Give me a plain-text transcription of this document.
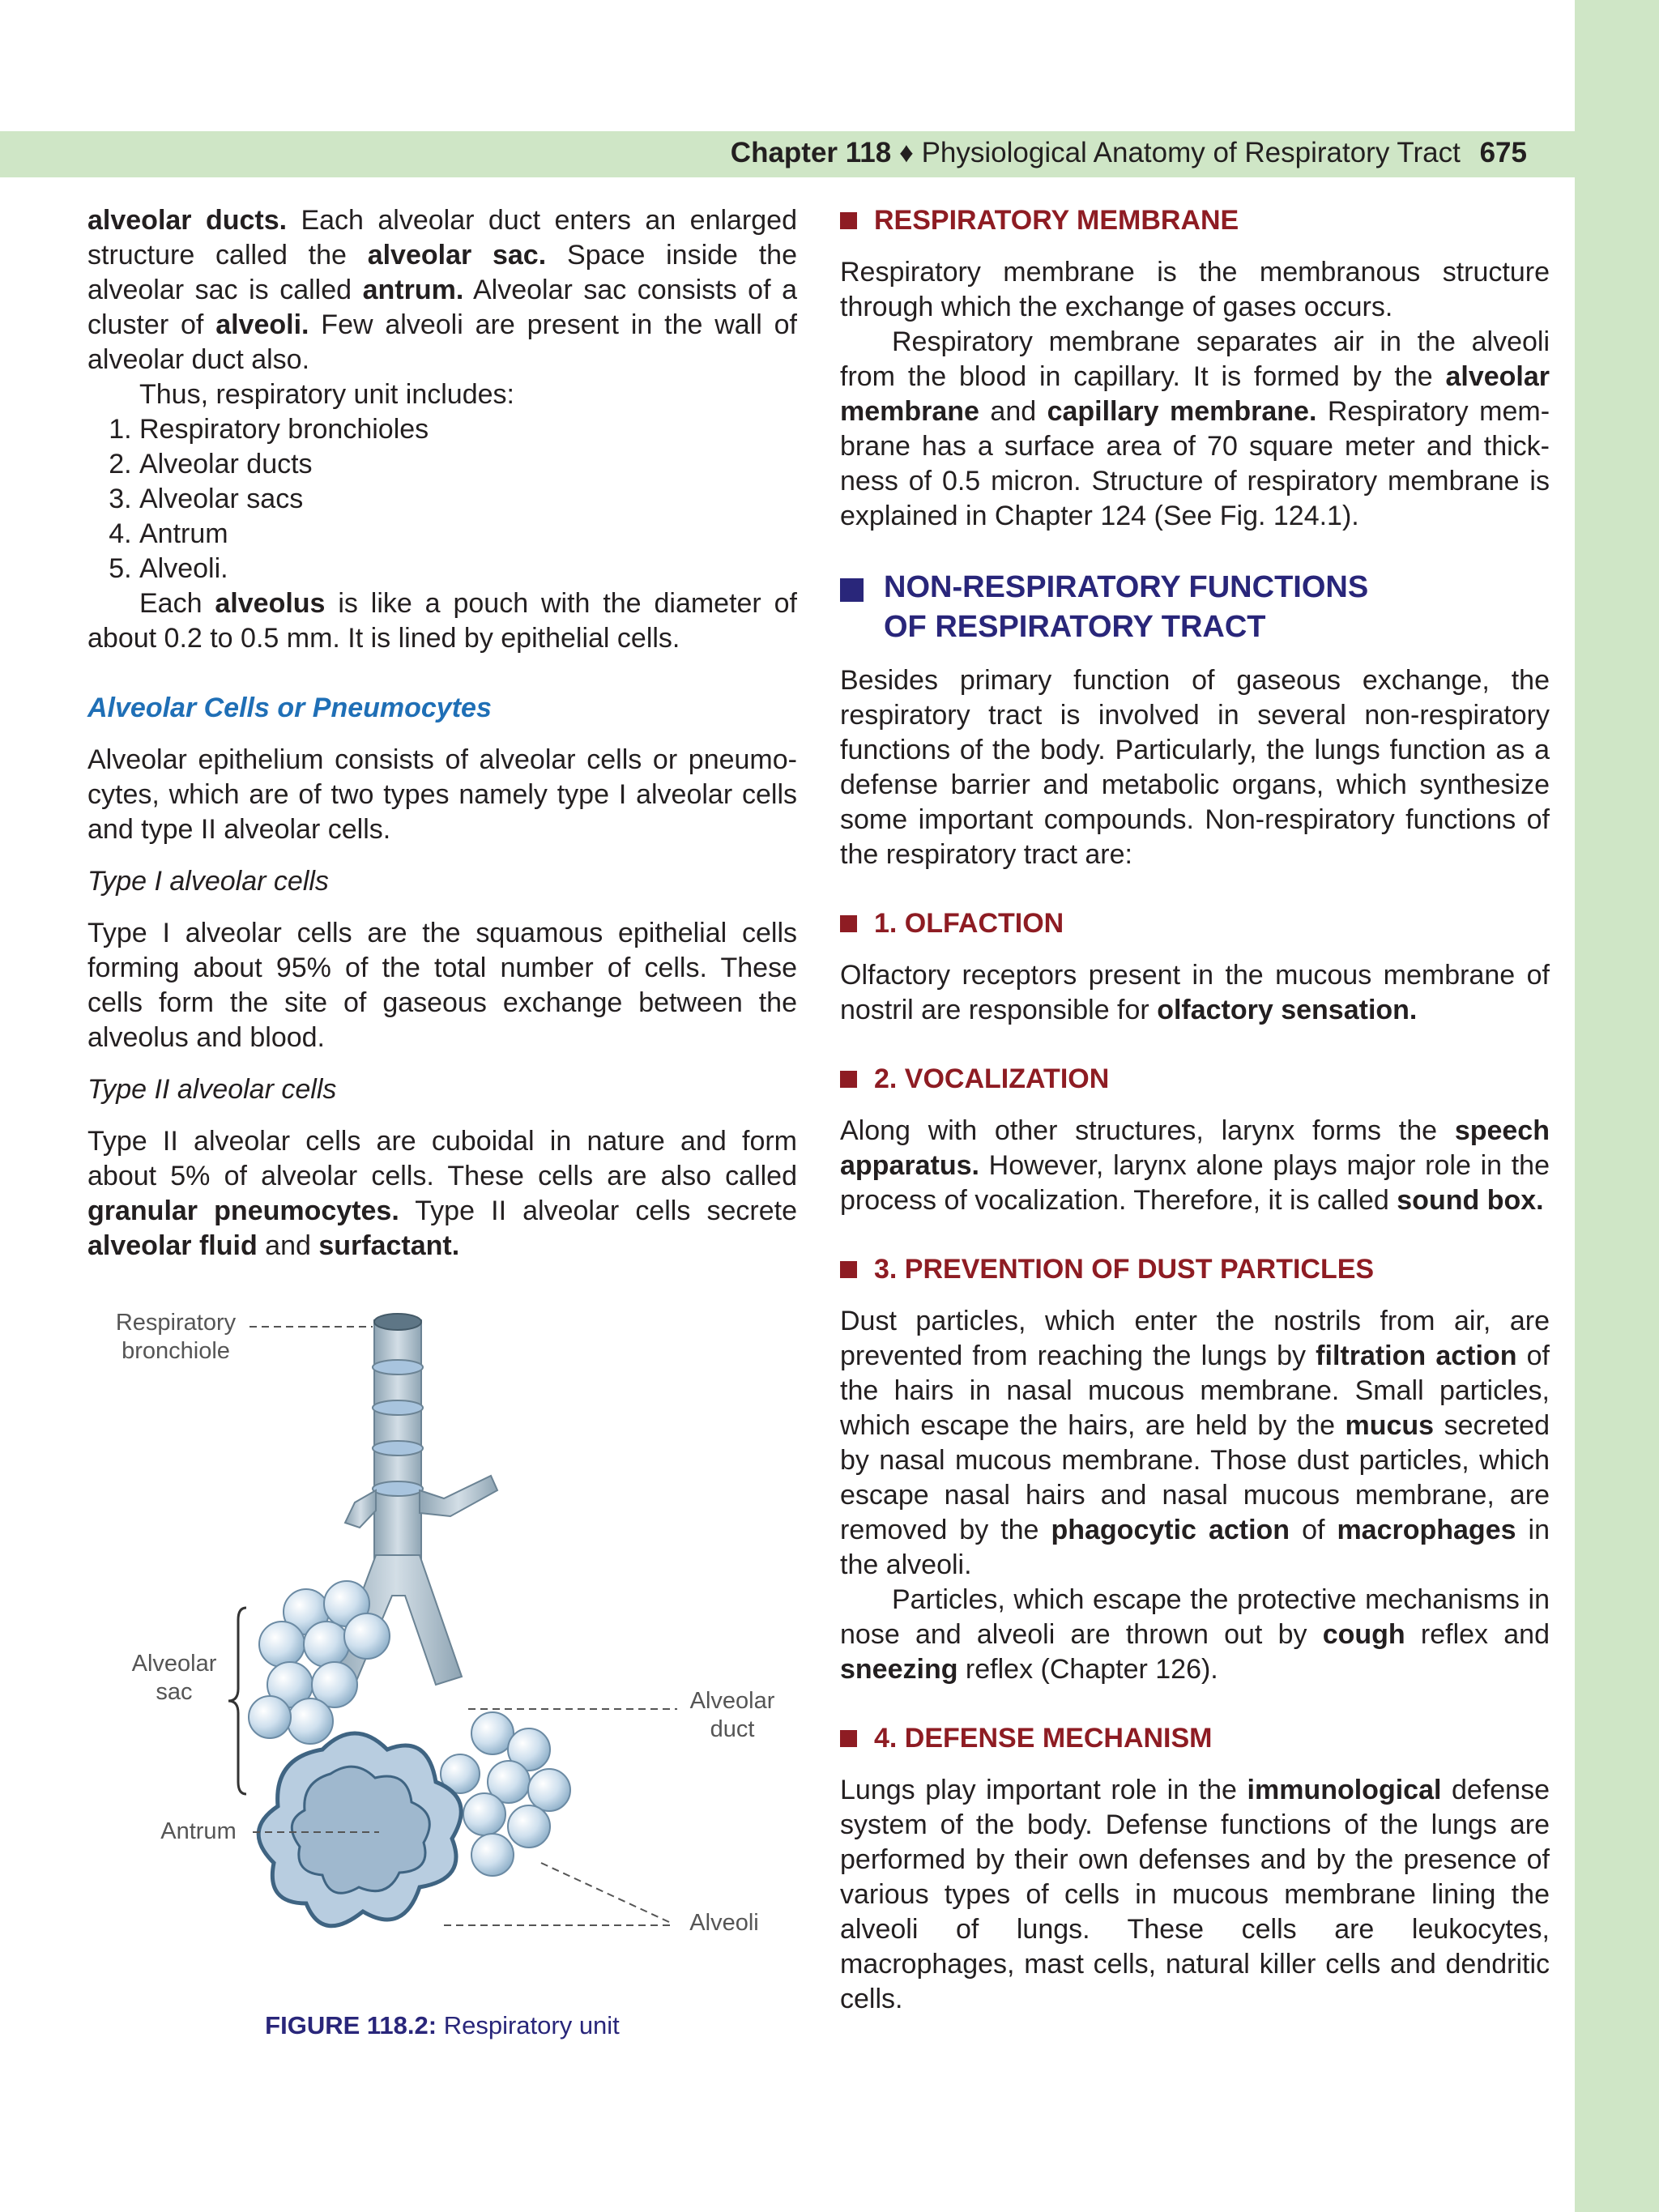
Chapter 118 ♦ Physiological Anatomy of Respiratory Tract 675

alveolar ducts. Each alveolar duct enters an enlarged structure called the alveolar sac. Space inside the alveolar sac is called antrum. Alveolar sac consists of a cluster of alveoli. Few alveoli are present in the wall of alveolar duct also.

Thus, respiratory unit includes:

1. Respiratory bronchioles
2. Alveolar ducts
3. Alveolar sacs
4. Antrum
5. Alveoli.

Each alveolus is like a pouch with the diameter of about 0.2 to 0.5 mm. It is lined by epithelial cells.

Alveolar Cells or Pneumocytes

Alveolar epithelium consists of alveolar cells or pneumocytes, which are of two types namely type I alveolar cells and type II alveolar cells.

Type I alveolar cells

Type I alveolar cells are the squamous epithelial cells forming about 95% of the total number of cells. These cells form the site of gaseous exchange between the alveolus and blood.

Type II alveolar cells

Type II alveolar cells are cuboidal in nature and form about 5% of alveolar cells. These cells are also called granular pneumocytes. Type II alveolar cells secrete alveolar fluid and surfactant.

Respiratory
bronchiole
Alveolar
sac	Alveolar
duct
Antrum
Alveoli
FIGURE 118.2: Respiratory unit

RESPIRATORY MEMBRANE

Respiratory membrane is the membranous structure through which the exchange of gases occurs.

Respiratory membrane separates air in the alveoli from the blood in capillary. It is formed by the alveolar membrane and capillary membrane. Respiratory membrane has a surface area of 70 square meter and thickness of 0.5 micron. Structure of respiratory membrane is explained in Chapter 124 (See Fig. 124.1).

NON-RESPIRATORY FUNCTIONS
OF RESPIRATORY TRACT

Besides primary function of gaseous exchange, the respiratory tract is involved in several non-respiratory functions of the body. Particularly, the lungs function as a defense barrier and metabolic organs, which synthesize some important compounds. Non-respiratory functions of the respiratory tract are:

1. OLFACTION

Olfactory receptors present in the mucous membrane of nostril are responsible for olfactory sensation.

2. VOCALIZATION

Along with other structures, larynx forms the speech apparatus. However, larynx alone plays major role in the process of vocalization. Therefore, it is called sound box.

3. PREVENTION OF DUST PARTICLES

Dust particles, which enter the nostrils from air, are prevented from reaching the lungs by filtration action of the hairs in nasal mucous membrane. Small particles, which escape the hairs, are held by the mucus secreted by nasal mucous membrane. Those dust particles, which escape nasal hairs and nasal mucous membrane, are removed by the phagocytic action of macrophages in the alveoli.

Particles, which escape the protective mechanisms in nose and alveoli are thrown out by cough reflex and sneezing reflex (Chapter 126).

4. DEFENSE MECHANISM

Lungs play important role in the immunological defense system of the body. Defense functions of the lungs are performed by their own defenses and by the presence of various types of cells in mucous membrane lining the alveoli of lungs. These cells are leukocytes, macrophages, mast cells, natural killer cells and dendritic cells.
